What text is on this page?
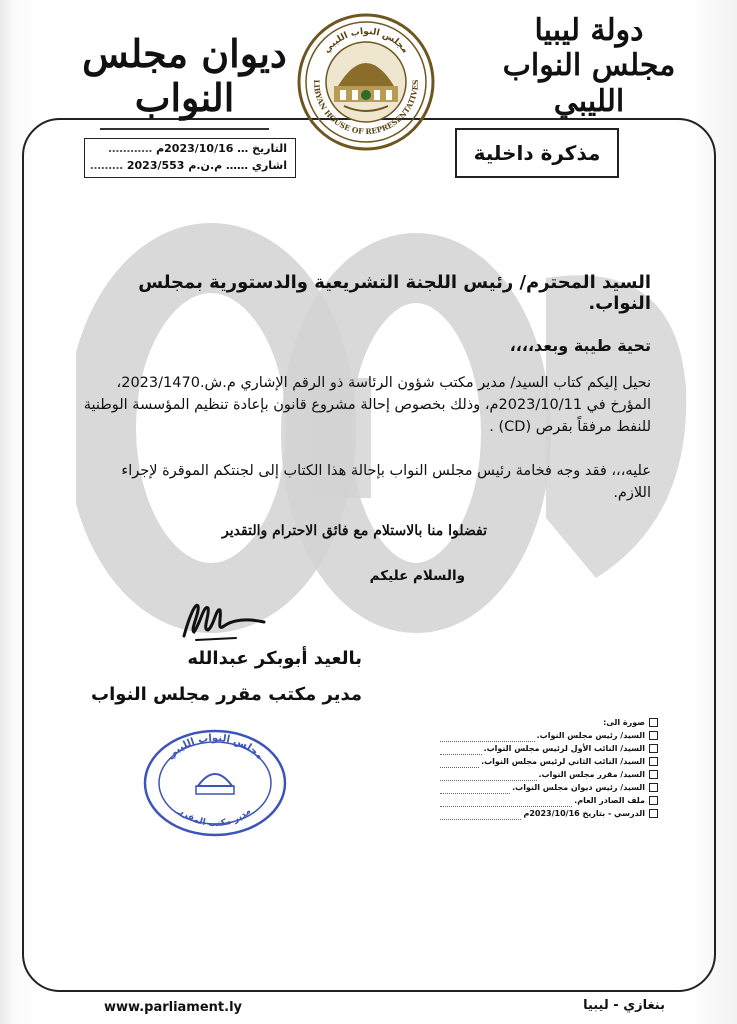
دولة ليبيا
مجلس النواب الليبي
ديوان مجلس النواب
مجلس النواب الليبي
LIBYAN HOUSE OF REPRESENTATIVES
التاريخ
…
2023/10/16م
…………
اشاري
……
م.ن.م

2023/553
………
مذكرة داخلية
السيد المحترم/ رئيس اللجنة التشريعية والدستورية بمجلس النواب.
تحية طيبة وبعد،،،،
نحيل إليكم كتاب السيد/ مدير مكتب شؤون الرئاسة ذو الرقم الإشاري م.ش.2023/1470، المؤرخ في 2023/10/11م، وذلك بخصوص إحالة مشروع قانون بإعادة تنظيم المؤسسة الوطنية للنفط مرفقاً بقرص (CD) .
عليه،،، فقد وجه فخامة رئيس مجلس النواب بإحالة هذا الكتاب إلى لجنتكم الموقرة لإجراء اللازم.
تفضلوا منا بالاستلام مع فائق الاحترام والتقدير
والسلام عليكم
بالعيد أبوبكر عبدالله
مدير مكتب مقرر مجلس النواب
مجلس النواب الليبي
مدير مكتب المقرر
صورة الى:
السيد/ رئيس مجلس النواب.
السيد/ النائب الأول لرئيس مجلس النواب.
السيد/ النائب الثاني لرئيس مجلس النواب.
السيد/ مقرر مجلس النواب.
السيد/ رئيس ديوان مجلس النواب.
ملف الصادر العام.
الدرسي - بتاريخ 2023/10/16م
www.parliament.ly	بنغازي - ليبيا
